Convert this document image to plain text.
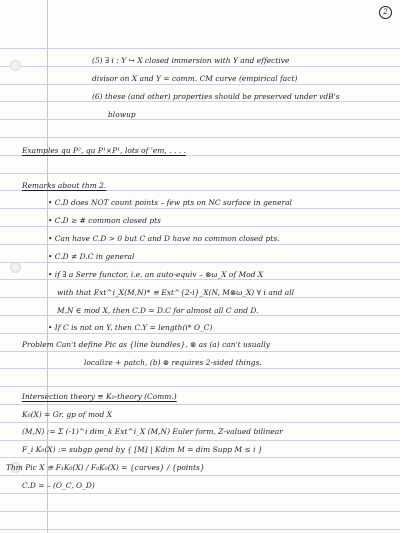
2
(5) ∃ i : Y ↪ X closed immersion with Y and effective
divisor on X and Y = comm. CM curve (empirical fact)
(6) these (and other) properties should be preserved under vdB's
blowup
Examples qu P², qu P¹×P¹, lots of 'em, . . . .
Remarks about thm 2.
• C.D does NOT count points – few pts on NC surface in general
• C.D ≥ # common closed pts
• Can have C.D > 0 but C and D have no common closed pts.
• C.D ≠ D.C in general
• if ∃ a Serre functor, i.e. an auto-equiv – ⊗ω_X of Mod X
with that Ext^i_X(M,N)* ≅ Ext^{2-i}_X(N, M⊗ω_X) ∀ i and all
M,N ∈ mod X, then C.D = D.C for almost all C and D.
• If C is not on Y, then C.Y = length(i* O_C)
Problem Can't define Pic as {line bundles}, ⊗ as (a) can't usually
localize + patch, (b) ⊗ requires 2-sided things.
Intersection theory ≡ K₀-theory (Comm.)
K₀(X) = Gr. gp of mod X
(M,N) := Σ (-1)^i dim_k Ext^i_X (M,N) Euler form, Z-valued bilinear
F_i K₀(X) := subgp gend by { [M] | Kdim M = dim Supp M ≤ i }
Thm Pic X ≅ F₁K₀(X) / F₀K₀(X) = {curves} / {points}
C.D = – (O_C, O_D)
